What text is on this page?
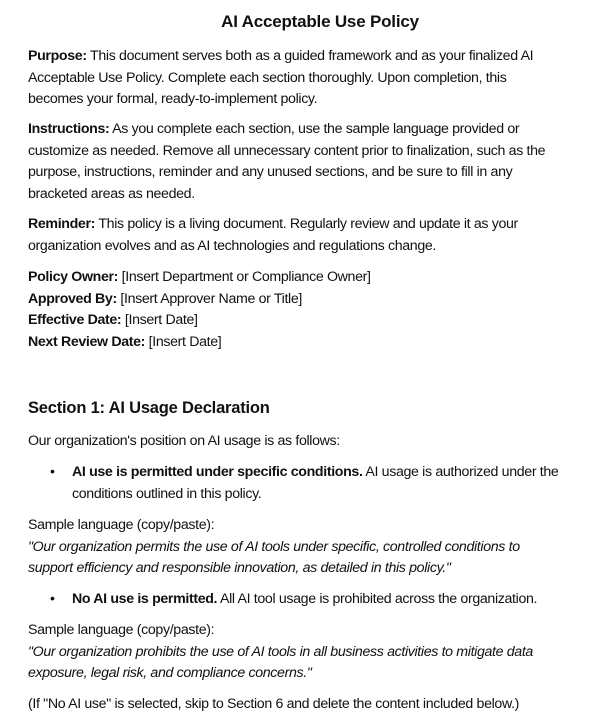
AI Acceptable Use Policy
Purpose: This document serves both as a guided framework and as your finalized AI
Acceptable Use Policy. Complete each section thoroughly. Upon completion, this
becomes your formal, ready-to-implement policy.
Instructions: As you complete each section, use the sample language provided or
customize as needed. Remove all unnecessary content prior to finalization, such as the
purpose, instructions, reminder and any unused sections, and be sure to fill in any
bracketed areas as needed.
Reminder: This policy is a living document. Regularly review and update it as your
organization evolves and as AI technologies and regulations change.
Policy Owner: [Insert Department or Compliance Owner]
Approved By: [Insert Approver Name or Title]
Effective Date: [Insert Date]
Next Review Date: [Insert Date]
Section 1: AI Usage Declaration
Our organization's position on AI usage is as follows:
• AI use is permitted under specific conditions. AI usage is authorized under the
conditions outlined in this policy.
Sample language (copy/paste):
"Our organization permits the use of AI tools under specific, controlled conditions to
support efficiency and responsible innovation, as detailed in this policy."
• No AI use is permitted. All AI tool usage is prohibited across the organization.
Sample language (copy/paste):
"Our organization prohibits the use of AI tools in all business activities to mitigate data
exposure, legal risk, and compliance concerns."
(If "No AI use" is selected, skip to Section 6 and delete the content included below.)
